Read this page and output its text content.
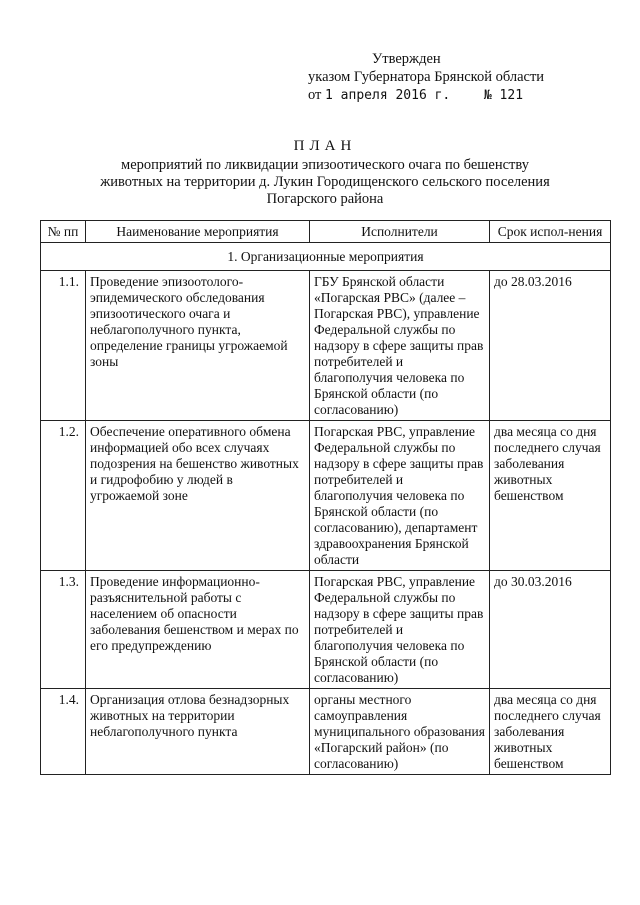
Утвержден
указом Губернатора Брянской области
от 1 апреля 2016 г.	№ 121
ПЛАН
мероприятий по ликвидации эпизоотического очага по бешенству
животных на территории д. Лукин Городищенского сельского поселения
Погарского района
№ пп	Наименование мероприятия	Исполнители	Срок испол-нения
1. Организационные мероприятия			
1.1.	Проведение эпизоотолого-эпидемического обследования эпизоотического очага и неблагополучного пункта, определение границы угрожаемой зоны	ГБУ Брянской области «Погарская РВС» (далее – Погарская РВС), управление Федеральной службы по надзору в сфере защиты прав потребителей и благополучия человека по Брянской области (по согласованию)	до 28.03.2016
1.2.	Обеспечение оперативного обмена информацией обо всех случаях подозрения на бешенство животных и гидрофобию у людей в угрожаемой зоне	Погарская РВС, управление Федеральной службы по надзору в сфере защиты прав потребителей и благополучия человека по Брянской области (по согласованию), департамент здравоохранения Брянской области	два месяца со дня последнего случая заболевания животных бешенством
1.3.	Проведение информационно-разъяснительной работы с населением об опасности заболевания бешенством и мерах по его предупреждению	Погарская РВС, управление Федеральной службы по надзору в сфере защиты прав потребителей и благополучия человека по Брянской области (по согласованию)	до 30.03.2016
1.4.	Организация отлова безнадзорных животных на территории неблагополучного пункта	органы местного самоуправления муниципального образования «Погарский район» (по согласованию)	два месяца со дня последнего случая заболевания животных бешенством
